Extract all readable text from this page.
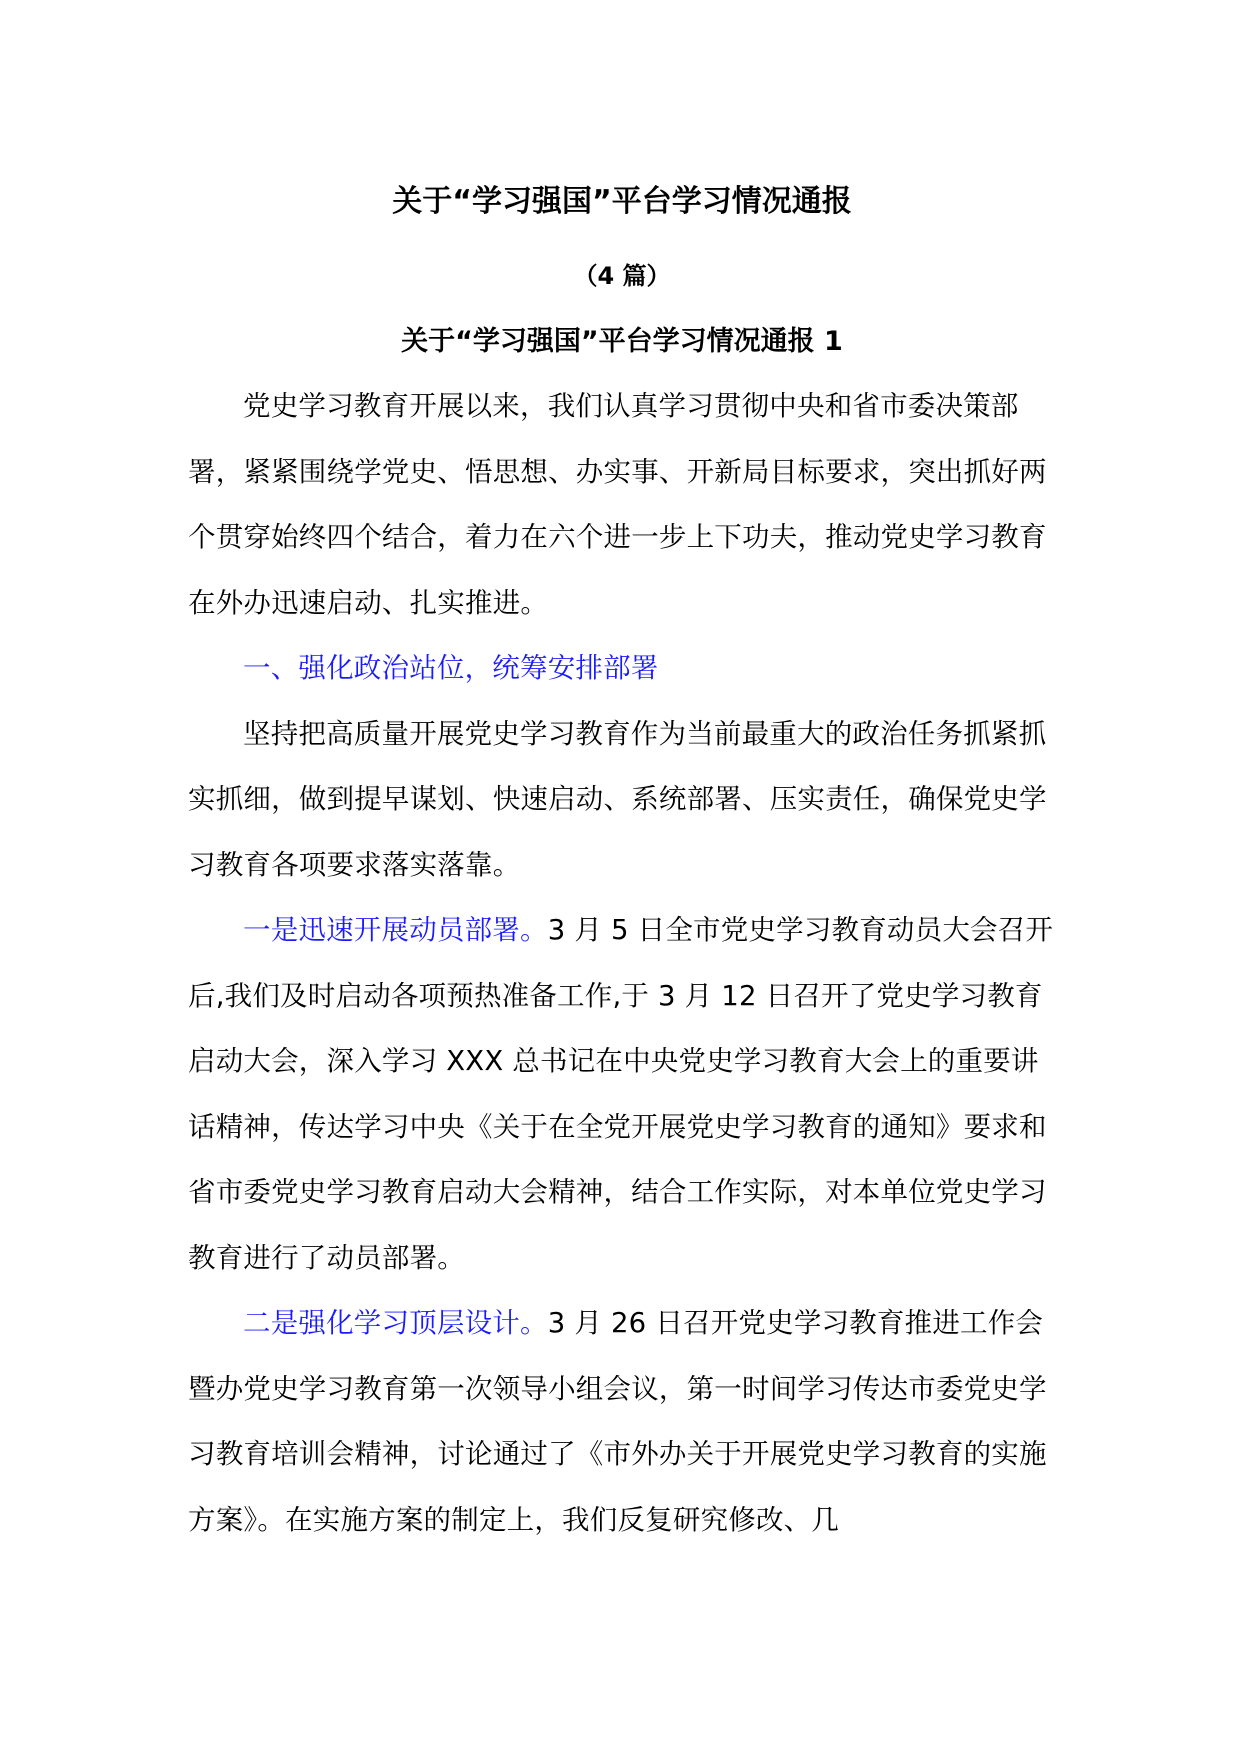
关于“学习强国”平台学习情况通报
（4 篇）
关于“学习强国”平台学习情况通报 1

党史学习教育开展以来，我们认真学习贯彻中央和省市委决策部署，紧紧围绕学党史、悟思想、办实事、开新局目标要求，突出抓好两个贯穿始终四个结合，着力在六个进一步上下功夫，推动党史学习教育在外办迅速启动、扎实推进。

一、强化政治站位，统筹安排部署

坚持把高质量开展党史学习教育作为当前最重大的政治任务抓紧抓实抓细，做到提早谋划、快速启动、系统部署、压实责任，确保党史学习教育各项要求落实落靠。

一是迅速开展动员部署。3 月 5 日全市党史学习教育动员大会召开后,我们及时启动各项预热准备工作,于 3 月 12 日召开了党史学习教育启动大会，深入学习 XXX 总书记在中央党史学习教育大会上的重要讲话精神，传达学习中央《关于在全党开展党史学习教育的通知》要求和省市委党史学习教育启动大会精神，结合工作实际，对本单位党史学习教育进行了动员部署。

二是强化学习顶层设计。3 月 26 日召开党史学习教育推进工作会暨办党史学习教育第一次领导小组会议，第一时间学习传达市委党史学习教育培训会精神，讨论通过了《市外办关于开展党史学习教育的实施方案》。在实施方案的制定上，我们反复研究修改、几
